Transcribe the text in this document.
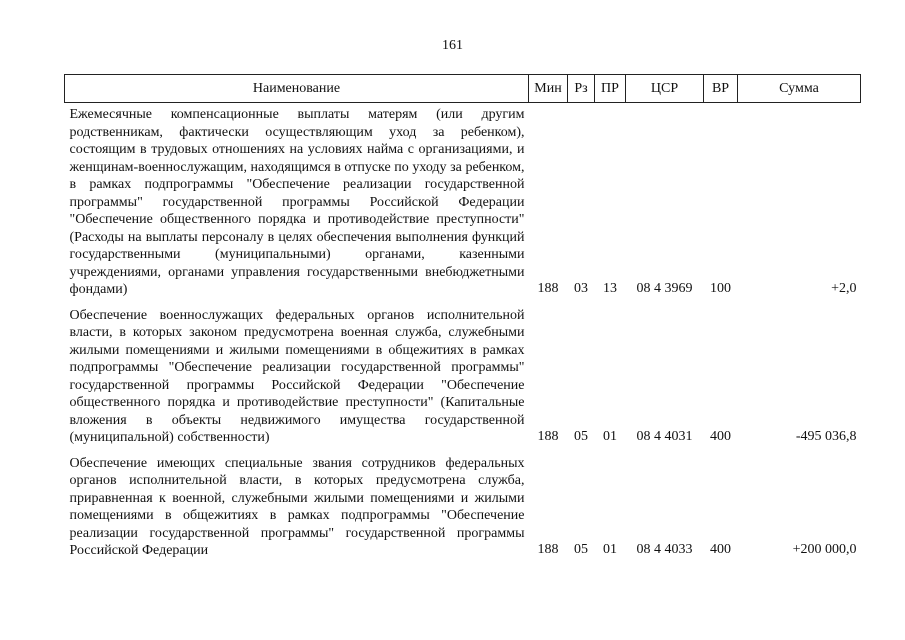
161
Наименование	Мин	Рз	ПР	ЦСР	ВР	Сумма

Ежемесячные компенсационные выплаты матерям (или другим родственникам, фактически осуществляющим уход за ребенком), состоящим в трудовых отношениях на условиях найма с организациями, и женщинам-военнослужащим, находящимся в отпуске по уходу за ребенком, в рамках подпрограммы "Обеспечение реализации государственной программы" государственной программы Российской Федерации "Обеспечение общественного порядка и противодействие преступности" (Расходы на выплаты персоналу в целях обеспечения выполнения функций государственными (муниципальными) органами, казенными учреждениями, органами управления государственными внебюджетными фондами)	188	03	13	08 4 3969	100	+2,0

Обеспечение военнослужащих федеральных органов исполнительной власти, в которых законом предусмотрена военная служба, служебными жилыми помещениями и жилыми помещениями в общежитиях в рамках подпрограммы "Обеспечение реализации государственной программы" государственной программы Российской Федерации "Обеспечение общественного порядка и противодействие преступности" (Капитальные вложения в объекты недвижимого имущества государственной (муниципальной) собственности)	188	05	01	08 4 4031	400	-495 036,8

Обеспечение имеющих специальные звания сотрудников федеральных органов исполнительной власти, в которых предусмотрена служба, приравненная к военной, служебными жилыми помещениями и жилыми помещениями в общежитиях в рамках подпрограммы "Обеспечение реализации государственной программы" государственной программы Российской Федерации	188	05	01	08 4 4033	400	+200 000,0
